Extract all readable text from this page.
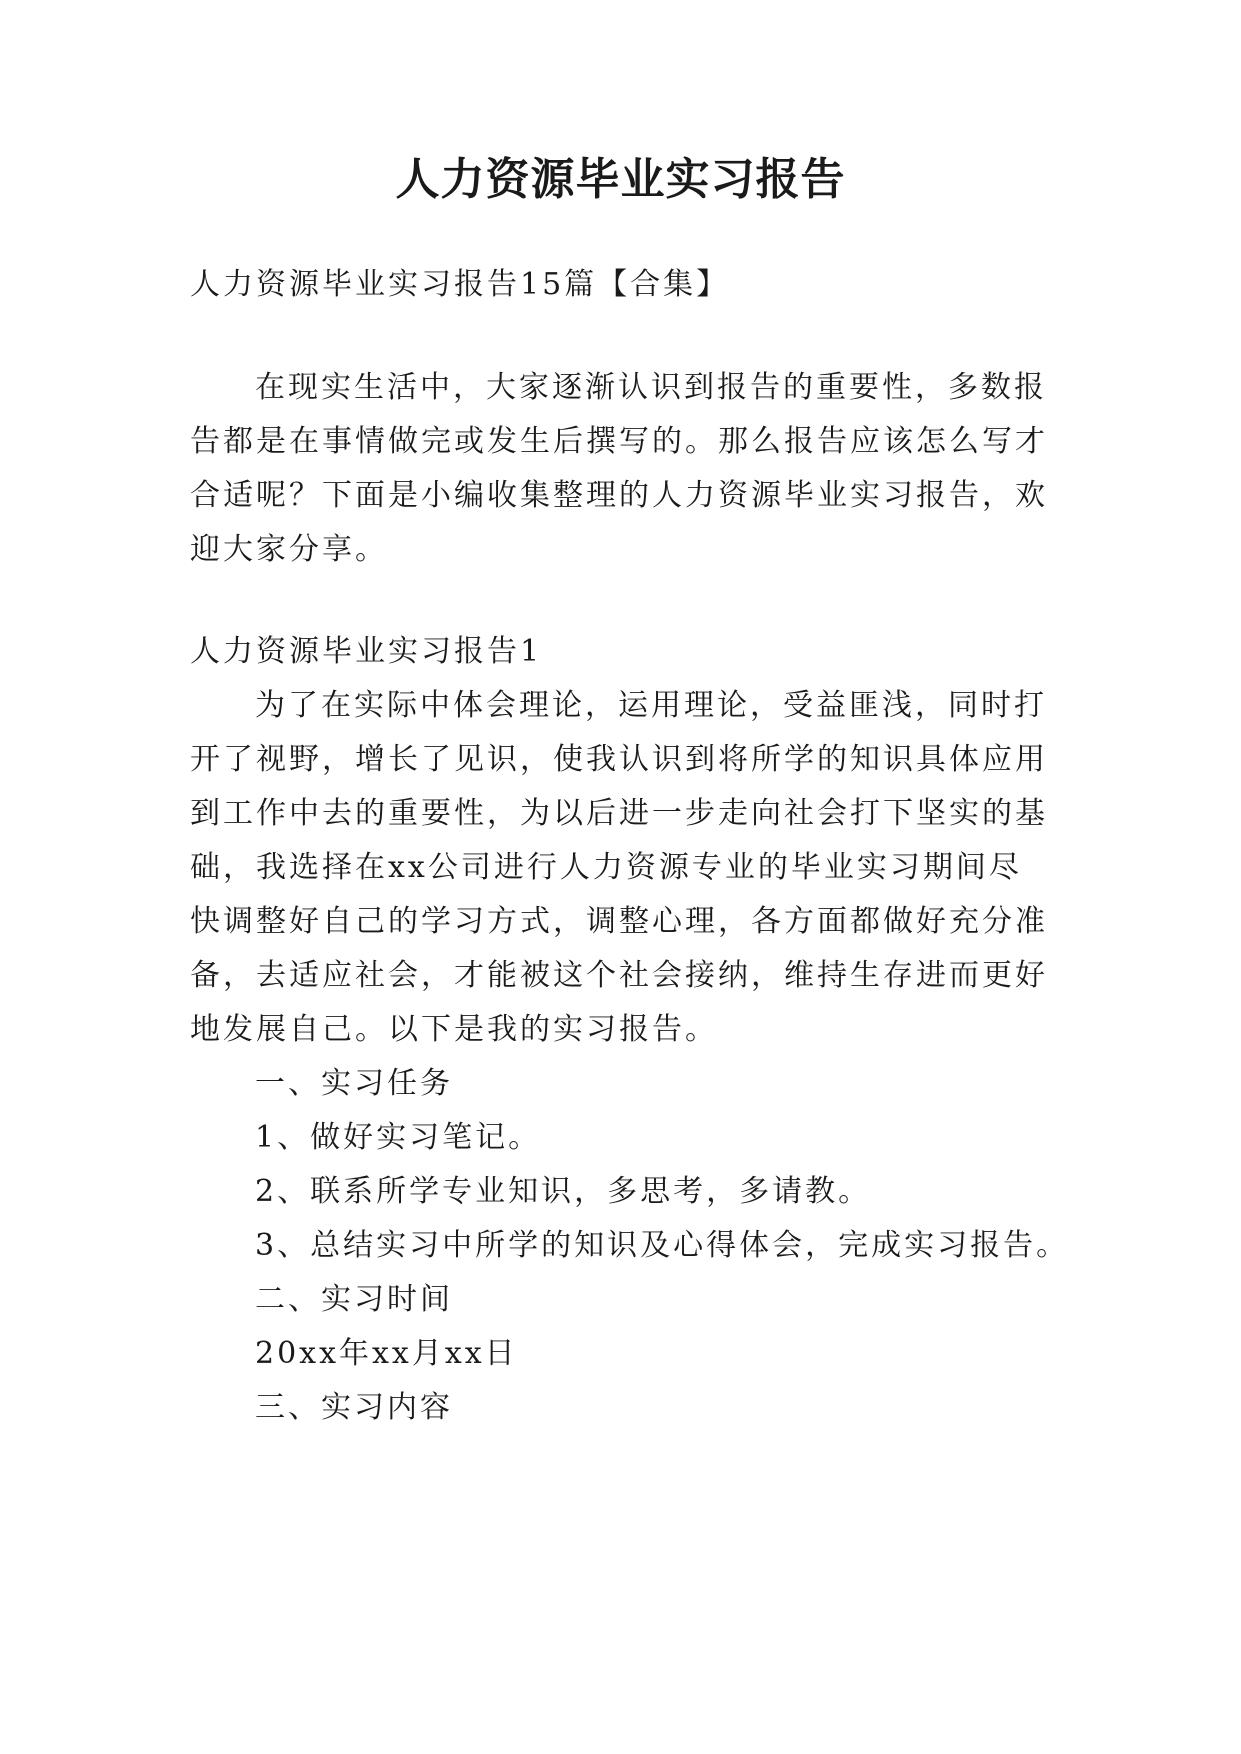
人力资源毕业实习报告
人力资源毕业实习报告15篇【合集】
在现实生活中，大家逐渐认识到报告的重要性，多数报
告都是在事情做完或发生后撰写的。那么报告应该怎么写才
合适呢？下面是小编收集整理的人力资源毕业实习报告，欢
迎大家分享。
人力资源毕业实习报告1
为了在实际中体会理论，运用理论，受益匪浅，同时打
开了视野，增长了见识，使我认识到将所学的知识具体应用
到工作中去的重要性，为以后进一步走向社会打下坚实的基
础，我选择在xx公司进行人力资源专业的毕业实习期间尽
快调整好自己的学习方式，调整心理，各方面都做好充分准
备，去适应社会，才能被这个社会接纳，维持生存进而更好
地发展自己。以下是我的实习报告。
一、实习任务
1、做好实习笔记。
2、联系所学专业知识，多思考，多请教。
3、总结实习中所学的知识及心得体会，完成实习报告。
二、实习时间
20xx年xx月xx日
三、实习内容
